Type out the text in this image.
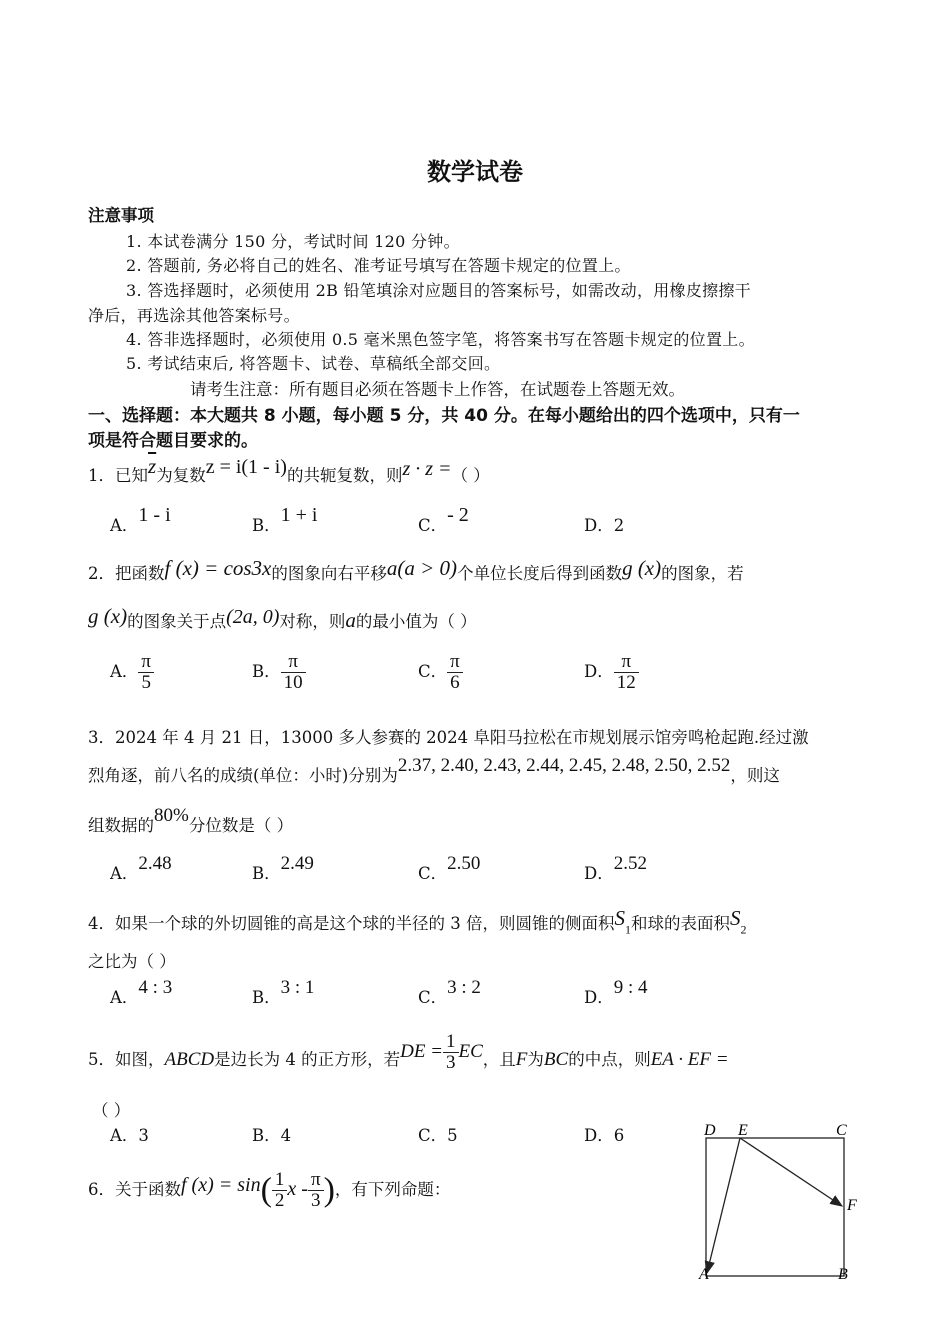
数学试卷
注意事项
1. 本试卷满分 150 分，考试时间 120 分钟。
2. 答题前, 务必将自己的姓名、准考证号填写在答题卡规定的位置上。
3. 答选择题时，必须使用 2B 铅笔填涂对应题目的答案标号，如需改动，用橡皮擦擦干
净后，再选涂其他答案标号。
4. 答非选择题时，必须使用 0.5 毫米黑色签字笔，将答案书写在答题卡规定的位置上。
5. 考试结束后, 将答题卡、试卷、草稿纸全部交回。
请考生注意：所有题目必须在答题卡上作答，在试题卷上答题无效。
一、选择题：本大题共 8 小题，每小题 5 分，共 40 分。在每小题给出的四个选项中，只有一
项是符合题目要求的。
1．已知$\overline{z}$为复数z = i(1 - i)的共轭复数，则z · z =（ ）
A．1 - i	B．1 + i	C．- 2	D．2
2．把函数f (x) = cos3x的图象向右平移a(a > 0)个单位长度后得到函数g (x)的图象，若
g (x)的图象关于点(2a, 0)对称，则a的最小值为（ ）
A． $\frac{\pi}{5}$	B． $\frac{\pi}{10}$	C． $\frac{\pi}{6}$	D． $\frac{\pi}{12}$
3．2024 年 4 月 21 日，13000 多人参赛的 2024 阜阳马拉松在市规划展示馆旁鸣枪起跑.经过激
烈角逐，前八名的成绩(单位：小时)分别为2.37, 2.40, 2.43, 2.44, 2.45, 2.48, 2.50, 2.52，则这
组数据的80%分位数是（ ）
A．2.48	B．2.49	C．2.50	D．2.52
4．如果一个球的外切圆锥的高是这个球的半径的 3 倍，则圆锥的侧面积$S_1$和球的表面积$S_2$
之比为（ ）
A．4 : 3	B．3 : 1	C．3 : 2	D．9 : 4
5．如图，ABCD是边长为 4 的正方形，若DE = $\frac{1}{3}$ EC，且F为BC的中点，则EA · EF =
（ ）
A．3	B．4	C．5	D．6	D E	C
F
A	B
6．关于函数f $(x) = \sin( \frac{1}{2}$ x - $\frac{\pi}{3}$ )，有下列命题：
